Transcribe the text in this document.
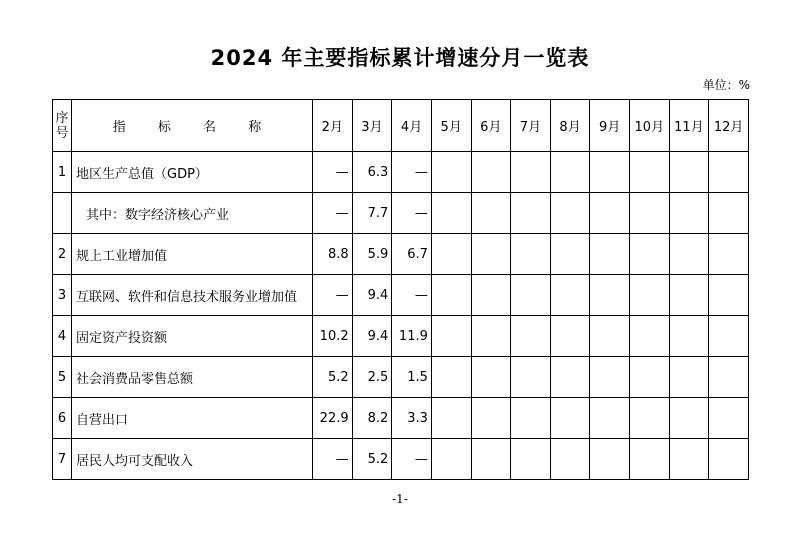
2024 年主要指标累计增速分月一览表
单位：%
序号	指 标 名 称	2月	3月	4月	5月	6月	7月	8月	9月	10月	11月	12月
1	地区生产总值（GDP）	—	6.3	—								
	其中：数字经济核心产业	—	7.7	—								
2	规上工业增加值	8.8	5.9	6.7								
3	互联网、软件和信息技术服务业增加值	—	9.4	—								
4	固定资产投资额	10.2	9.4	11.9								
5	社会消费品零售总额	5.2	2.5	1.5								
6	自营出口	22.9	8.2	3.3								
7	居民人均可支配收入	—	5.2	—								
-1-
